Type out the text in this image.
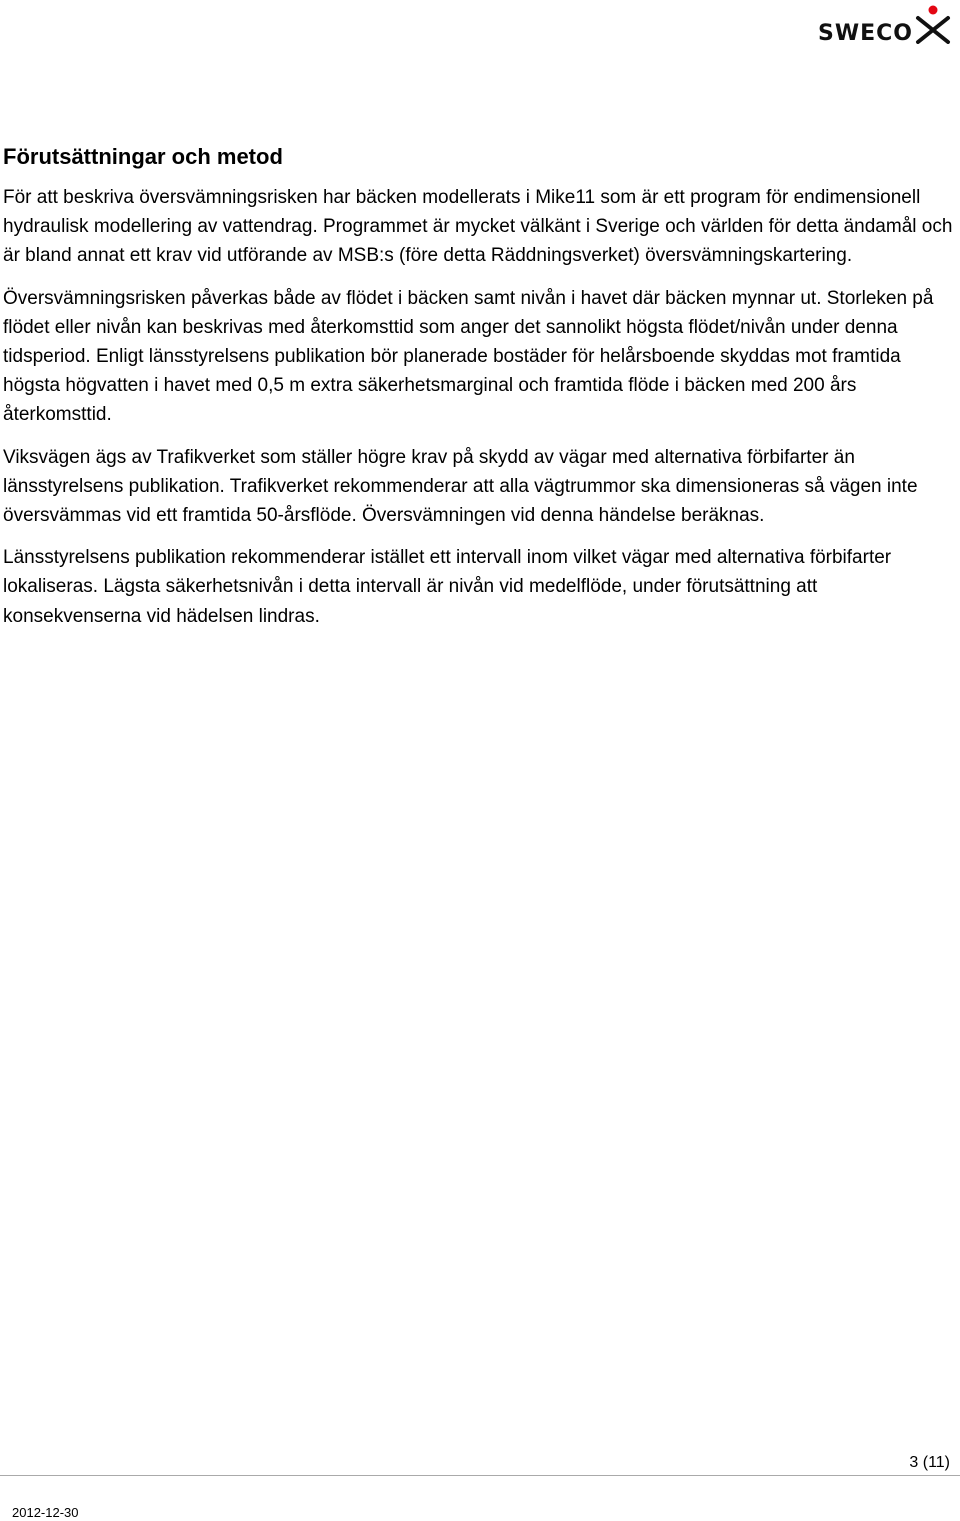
SWECO
Förutsättningar och metod

För att beskriva översvämningsrisken har bäcken modellerats i Mike11 som är ett program för endimensionell hydraulisk modellering av vattendrag. Programmet är mycket välkänt i Sverige och världen för detta ändamål och är bland annat ett krav vid utförande av MSB:s (före detta Räddningsverket) översvämningskartering.

Översvämningsrisken påverkas både av flödet i bäcken samt nivån i havet där bäcken mynnar ut. Storleken på flödet eller nivån kan beskrivas med återkomsttid som anger det sannolikt högsta flödet/nivån under denna tidsperiod. Enligt länsstyrelsens publikation bör planerade bostäder för helårsboende skyddas mot framtida högsta högvatten i havet med 0,5 m extra säkerhetsmarginal och framtida flöde i bäcken med 200 års återkomsttid.

Viksvägen ägs av Trafikverket som ställer högre krav på skydd av vägar med alternativa förbifarter än länsstyrelsens publikation. Trafikverket rekommenderar att alla vägtrummor ska dimensioneras så vägen inte översvämmas vid ett framtida 50-årsflöde. Översvämningen vid denna händelse beräknas.

Länsstyrelsens publikation rekommenderar istället ett intervall inom vilket vägar med alternativa förbifarter lokaliseras. Lägsta säkerhetsnivån i detta intervall är nivån vid medelflöde, under förutsättning att konsekvenserna vid hädelsen lindras.

3 (11)
2012-12-30
